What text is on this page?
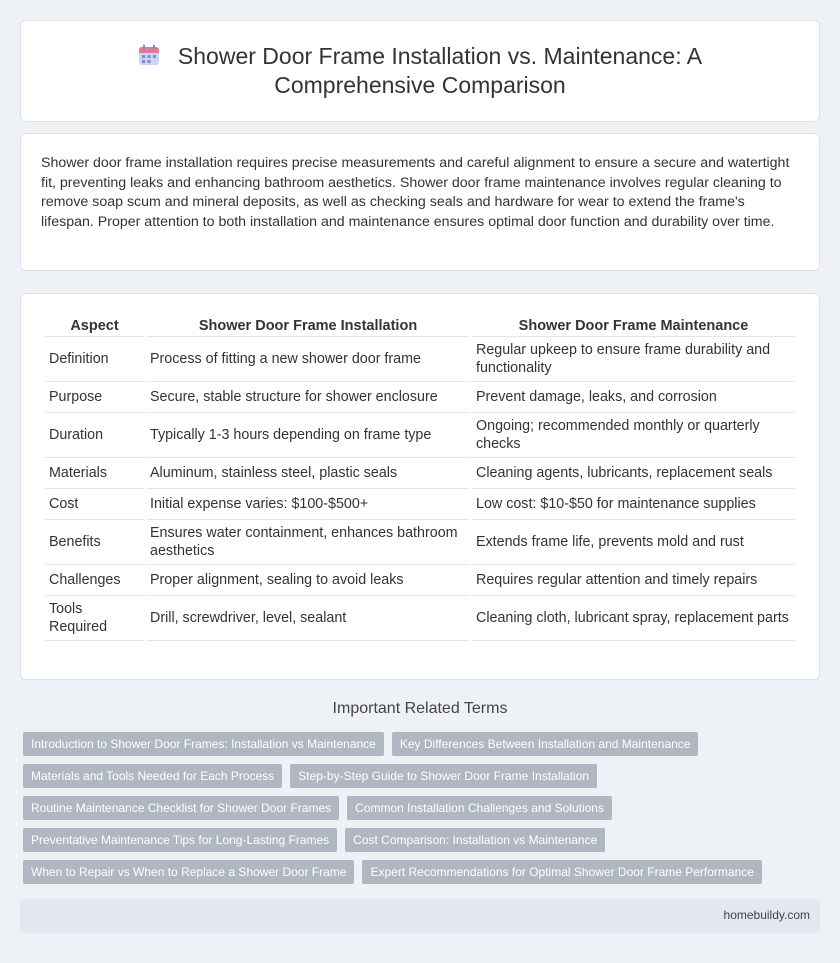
Shower Door Frame Installation vs. Maintenance: A
Comprehensive Comparison

Shower door frame installation requires precise measurements and careful alignment to ensure a secure and watertight fit, preventing leaks and enhancing bathroom aesthetics. Shower door frame maintenance involves regular cleaning to remove soap scum and mineral deposits, as well as checking seals and hardware for wear to extend the frame's lifespan. Proper attention to both installation and maintenance ensures optimal door function and durability over time.

Aspect	Shower Door Frame Installation	Shower Door Frame Maintenance
Definition	Process of fitting a new shower door frame	Regular upkeep to ensure frame durability and functionality
Purpose	Secure, stable structure for shower enclosure	Prevent damage, leaks, and corrosion
Duration	Typically 1-3 hours depending on frame type	Ongoing; recommended monthly or quarterly checks
Materials	Aluminum, stainless steel, plastic seals	Cleaning agents, lubricants, replacement seals
Cost	Initial expense varies: $100-$500+	Low cost: $10-$50 for maintenance supplies
Benefits	Ensures water containment, enhances bathroom aesthetics	Extends frame life, prevents mold and rust
Challenges	Proper alignment, sealing to avoid leaks	Requires regular attention and timely repairs
Tools Required	Drill, screwdriver, level, sealant	Cleaning cloth, lubricant spray, replacement parts
Important Related Terms
Introduction to Shower Door Frames: Installation vs Maintenance	Key Differences Between Installation and Maintenance
Materials and Tools Needed for Each Process	Step-by-Step Guide to Shower Door Frame Installation
Routine Maintenance Checklist for Shower Door Frames	Common Installation Challenges and Solutions
Preventative Maintenance Tips for Long-Lasting Frames	Cost Comparison: Installation vs Maintenance
When to Repair vs When to Replace a Shower Door Frame	Expert Recommendations for Optimal Shower Door Frame Performance
homebuildy.com
